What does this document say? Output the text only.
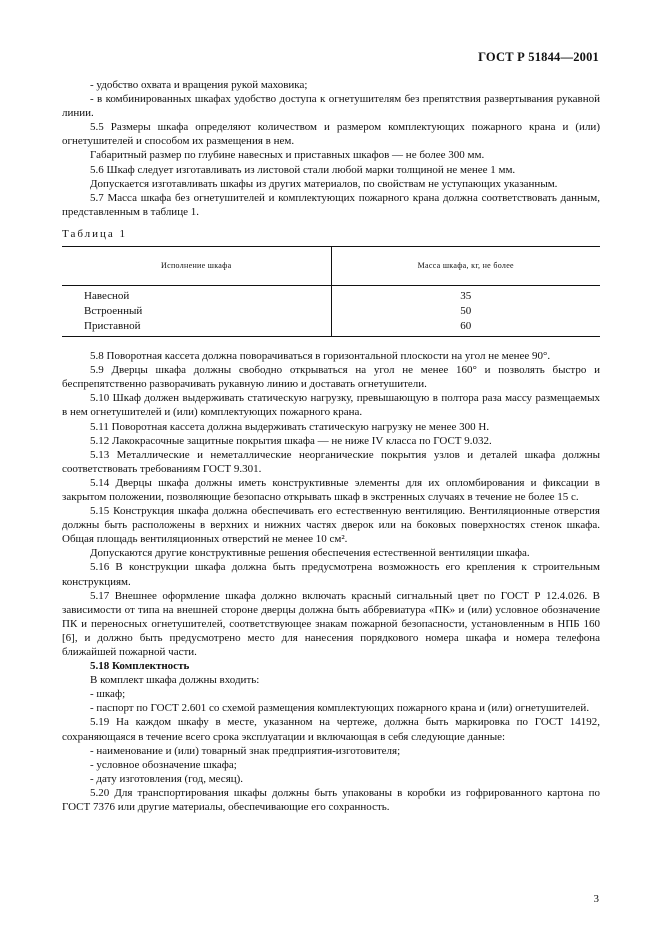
ГОСТ Р 51844—2001

- удобство охвата и вращения рукой маховика;

- в комбинированных шкафах удобство доступа к огнетушителям без препятствия развертывания рукавной линии.

5.5 Размеры шкафа определяют количеством и размером комплектующих пожарного крана и (или) огнетушителей и способом их размещения в нем.

Габаритный размер по глубине навесных и приставных шкафов — не более 300 мм.

5.6 Шкаф следует изготавливать из листовой стали любой марки толщиной не менее 1 мм.

Допускается изготавливать шкафы из других материалов, по свойствам не уступающих указанным.

5.7 Масса шкафа без огнетушителей и комплектующих пожарного крана должна соответствовать данным, представленным в таблице 1.

Таблица 1

Исполнение шкафа	Масса шкафа, кг, не более
Навесной	35
Встроенный	50
Приставной	60

5.8 Поворотная кассета должна поворачиваться в горизонтальной плоскости на угол не менее 90°.

5.9 Дверцы шкафа должны свободно открываться на угол не менее 160° и позволять быстро и беспрепятственно разворачивать рукавную линию и доставать огнетушители.

5.10 Шкаф должен выдерживать статическую нагрузку, превышающую в полтора раза массу размещаемых в нем огнетушителей и (или) комплектующих пожарного крана.

5.11 Поворотная кассета должна выдерживать статическую нагрузку не менее 300 Н.

5.12 Лакокрасочные защитные покрытия шкафа — не ниже IV класса по ГОСТ 9.032.

5.13 Металлические и неметаллические неорганические покрытия узлов и деталей шкафа должны соответствовать требованиям ГОСТ 9.301.

5.14 Дверцы шкафа должны иметь конструктивные элементы для их опломбирования и фиксации в закрытом положении, позволяющие безопасно открывать шкаф в экстренных случаях в течение не более 15 с.

5.15 Конструкция шкафа должна обеспечивать его естественную вентиляцию. Вентиляционные отверстия должны быть расположены в верхних и нижних частях дверок или на боковых поверхностях стенок шкафа. Общая площадь вентиляционных отверстий не менее 10 см².

Допускаются другие конструктивные решения обеспечения естественной вентиляции шкафа.

5.16 В конструкции шкафа должна быть предусмотрена возможность его крепления к строительным конструкциям.

5.17 Внешнее оформление шкафа должно включать красный сигнальный цвет по ГОСТ Р 12.4.026. В зависимости от типа на внешней стороне дверцы должна быть аббревиатура «ПК» и (или) условное обозначение ПК и переносных огнетушителей, соответствующее знакам пожарной безопасности, установленным в НПБ 160 [6], и должно быть предусмотрено место для нанесения порядкового номера шкафа и номера телефона ближайшей пожарной части.

5.18 Комплектность

В комплект шкафа должны входить:

- шкаф;

- паспорт по ГОСТ 2.601 со схемой размещения комплектующих пожарного крана и (или) огнетушителей.

5.19 На каждом шкафу в месте, указанном на чертеже, должна быть маркировка по ГОСТ 14192, сохраняющаяся в течение всего срока эксплуатации и включающая в себя следующие данные:

- наименование и (или) товарный знак предприятия-изготовителя;

- условное обозначение шкафа;

- дату изготовления (год, месяц).

5.20 Для транспортирования шкафы должны быть упакованы в коробки из гофрированного картона по ГОСТ 7376 или другие материалы, обеспечивающие его сохранность.

3
